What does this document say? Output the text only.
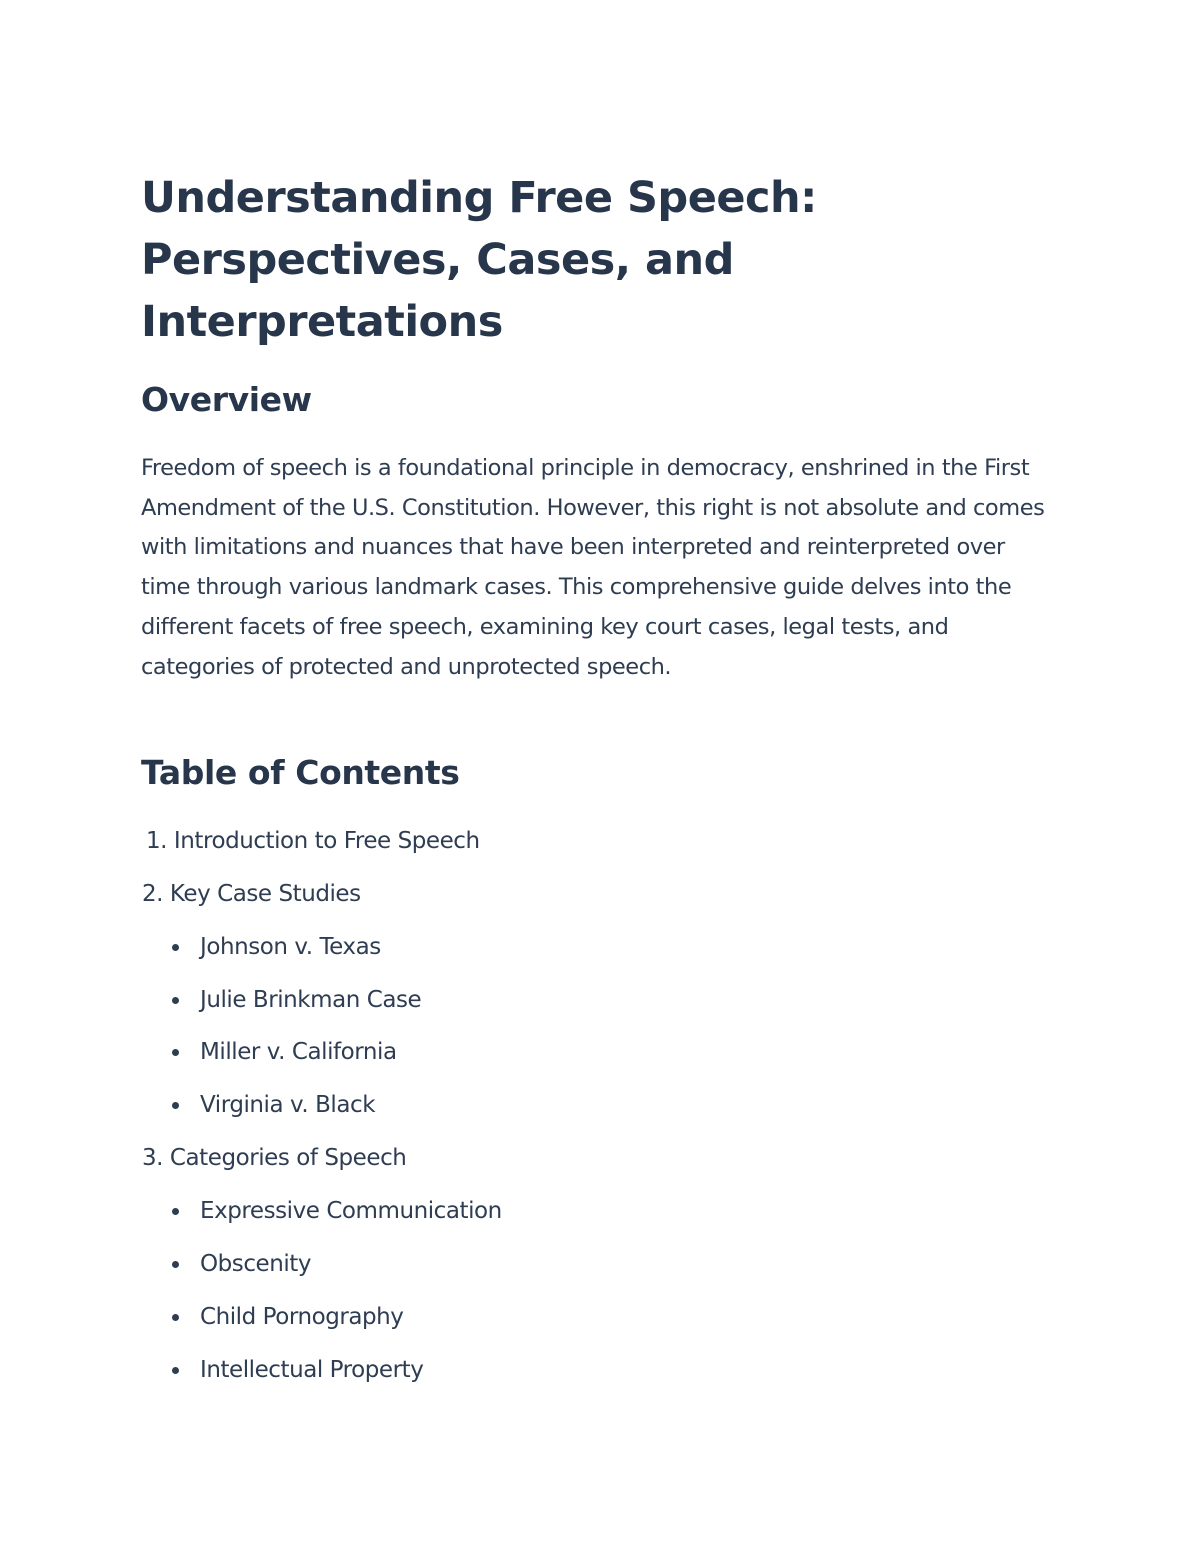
Understanding Free Speech: Perspectives, Cases, and Interpretations
Overview

Freedom of speech is a foundational principle in democracy, enshrined in the First Amendment of the U.S. Constitution. However, this right is not absolute and comes with limitations and nuances that have been interpreted and reinterpreted over time through various landmark cases. This comprehensive guide delves into the different facets of free speech, examining key court cases, legal tests, and categories of protected and unprotected speech.

Table of Contents
1. Introduction to Free Speech
2. Key Case Studies
Johnson v. Texas
Julie Brinkman Case
Miller v. California
Virginia v. Black
3. Categories of Speech
Expressive Communication
Obscenity
Child Pornography
Intellectual Property
